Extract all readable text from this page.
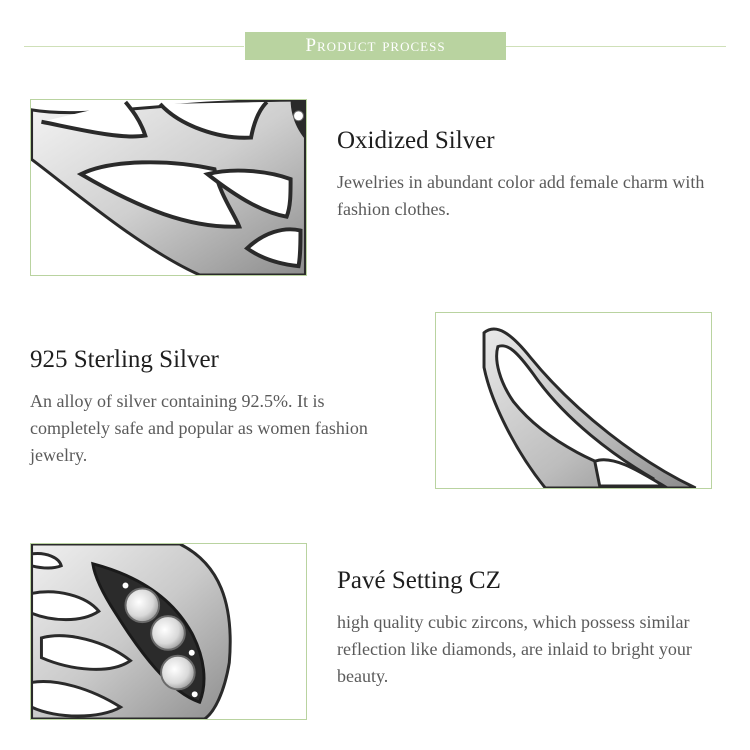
Product process
Oxidized Silver
Jewelries in abundant color add female charm with fashion clothes.
925 Sterling Silver
An alloy of silver containing 92.5%. It is completely safe and popular as women fashion jewelry.
Pavé Setting CZ
high quality cubic zircons, which possess similar reflection like diamonds, are inlaid to bright your beauty.
